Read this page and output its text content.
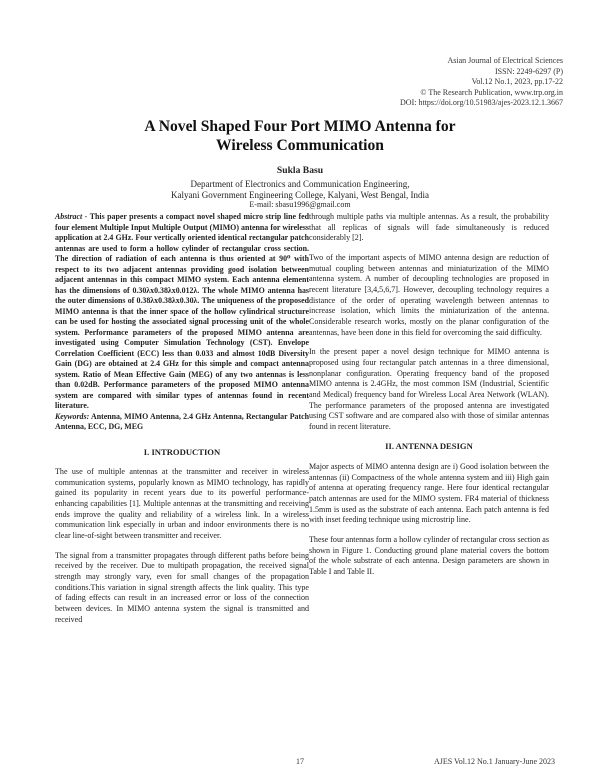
Asian Journal of Electrical Sciences
ISSN: 2249-6297 (P)
Vol.12 No.1, 2023, pp.17-22
© The Research Publication, www.trp.org.in
DOI: https://doi.org/10.51983/ajes-2023.12.1.3667
A Novel Shaped Four Port MIMO Antenna for
Wireless Communication
Sukla Basu
Department of Electronics and Communication Engineering,
Kalyani Government Engineering College, Kalyani, West Bengal, India
E-mail: sbasu1996@gmail.com

Abstract - This paper presents a compact novel shaped micro strip line fed four element Multiple Input Multiple Output (MIMO) antenna for wireless application at 2.4 GHz. Four vertically oriented identical rectangular patch antennas are used to form a hollow cylinder of rectangular cross section. The direction of radiation of each antenna is thus oriented at 90⁰ with respect to its two adjacent antennas providing good isolation between adjacent antennas in this compact MIMO system. Each antenna element has the dimensions of 0.30λx0.38λx0.012λ. The whole MIMO antenna has the outer dimensions of 0.38λx0.38λx0.30λ. The uniqueness of the proposed MIMO antenna is that the inner space of the hollow cylindrical structure can be used for hosting the associated signal processing unit of the whole system. Performance parameters of the proposed MIMO antenna are investigated using Computer Simulation Technology (CST). Envelope Correlation Coefficient (ECC) less than 0.033 and almost 10dB Diversity Gain (DG) are obtained at 2.4 GHz for this simple and compact antenna system. Ratio of Mean Effective Gain (MEG) of any two antennas is less than 0.02dB. Performance parameters of the proposed MIMO antenna system are compared with similar types of antennas found in recent literature.

Keywords: Antenna, MIMO Antenna, 2.4 GHz Antenna, Rectangular Patch Antenna, ECC, DG, MEG

I. INTRODUCTION

The use of multiple antennas at the transmitter and receiver in wireless communication systems, popularly known as MIMO technology, has rapidly gained its popularity in recent years due to its powerful performance-enhancing capabilities [1]. Multiple antennas at the transmitting and receiving ends improve the quality and reliability of a wireless link. In a wireless communication link especially in urban and indoor environments there is no clear line-of-sight between transmitter and receiver.

The signal from a transmitter propagates through different paths before being received by the receiver. Due to multipath propagation, the received signal strength may strongly vary, even for small changes of the propagation conditions.This variation in signal strength affects the link quality. This type of fading effects can result in an increased error or loss of the connection between devices. In MIMO antenna system the signal is transmitted and received

through multiple paths via multiple antennas. As a result, the probability that all replicas of signals will fade simultaneously is reduced considerably [2].

Two of the important aspects of MIMO antenna design are reduction of mutual coupling between antennas and miniaturization of the MIMO antenna system. A number of decoupling technologies are proposed in recent literature [3,4,5,6,7]. However, decoupling technology requires a distance of the order of operating wavelength between antennas to increase isolation, which limits the miniaturization of the antenna. Considerable research works, mostly on the planar configuration of the antennas, have been done in this field for overcoming the said difficulty.

In the present paper a novel design technique for MIMO antenna is proposed using four rectangular patch antennas in a three dimensional, nonplanar configuration. Operating frequency band of the proposed MIMO antenna is 2.4GHz, the most common ISM (Industrial, Scientific and Medical) frequency band for Wireless Local Area Network (WLAN). The performance parameters of the proposed antenna are investigated using CST software and are compared also with those of similar antennas found in recent literature.

II. ANTENNA DESIGN

Major aspects of MIMO antenna design are i) Good isolation between the antennas (ii) Compactness of the whole antenna system and iii) High gain of antenna at operating frequency range. Here four identical rectangular patch antennas are used for the MIMO system. FR4 material of thickness 1.5mm is used as the substrate of each antenna. Each patch antenna is fed with inset feeding technique using microstrip line.

These four antennas form a hollow cylinder of rectangular cross section as shown in Figure 1. Conducting ground plane material covers the bottom of the whole substrate of each antenna. Design parameters are shown in Table I and Table II.

17	AJES Vol.12 No.1 January-June 2023
